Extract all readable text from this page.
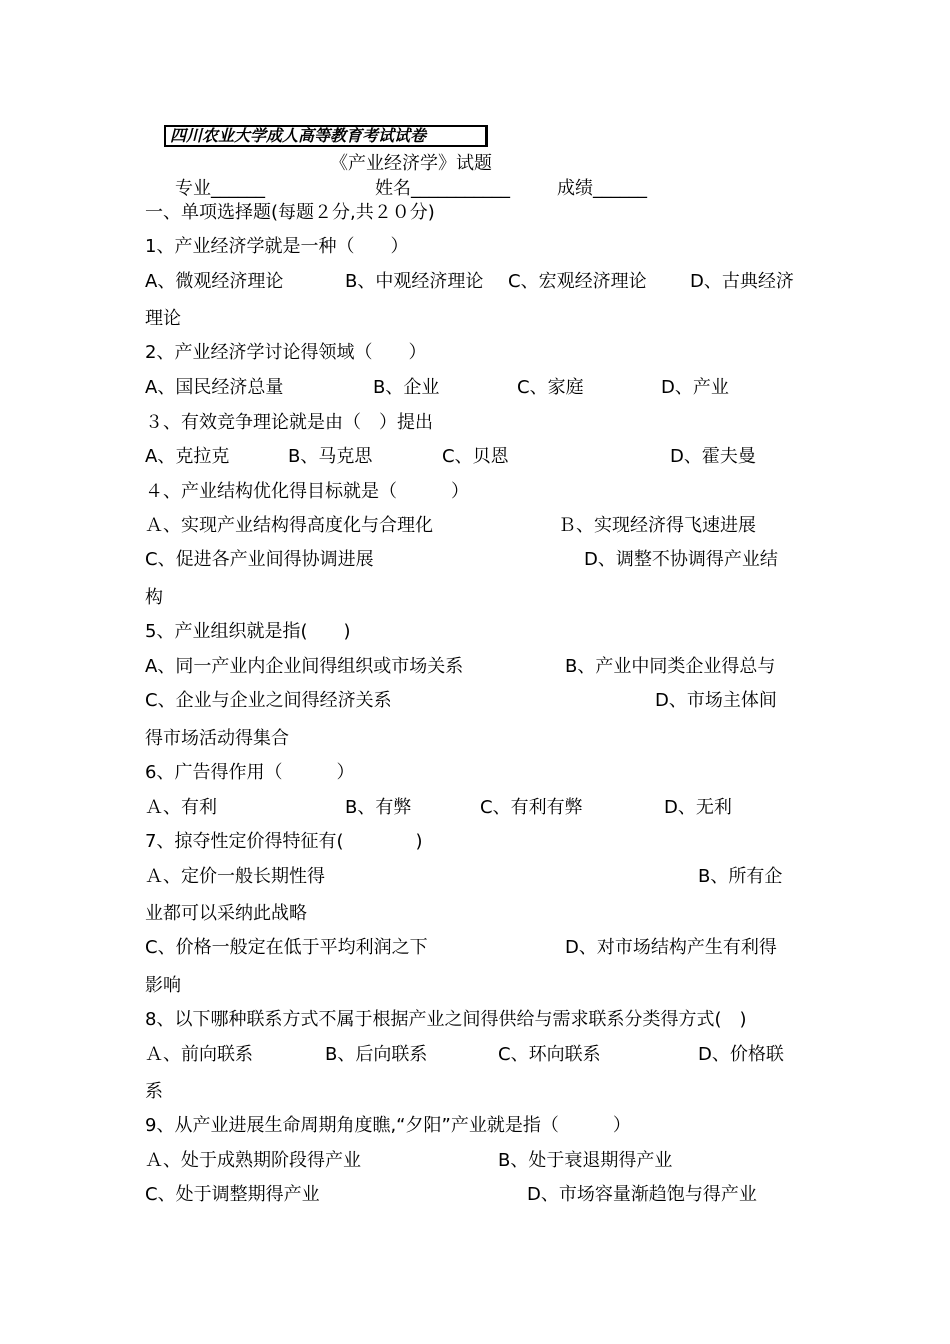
四川农业大学成人高等教育考试试卷
《产业经济学》试题
专业______	姓名___________	成绩______
一、单项选择题(每题２分,共２０分)
1、产业经济学就是一种（　　）
A、微观经济理论	B、中观经济理论 C、宏观经济理论 D、古典经济
理论
2、产业经济学讨论得领域（　　）
A、国民经济总量	B、企业	C、家庭	D、产业
３、有效竞争理论就是由（　）提出
A、克拉克	B、马克思	C、贝恩	D、霍夫曼
４、产业结构优化得目标就是（　　　）
Ａ、实现产业结构得高度化与合理化	Ｂ、实现经济得飞速进展
C、促进各产业间得协调进展	D、调整不协调得产业结
构
5、产业组织就是指(　　)
A、同一产业内企业间得组织或市场关系	B、产业中同类企业得总与
C、企业与企业之间得经济关系	D、市场主体间
得市场活动得集合
6、广告得作用（　　　）
Ａ、有利	B、有弊	C、有利有弊	D、无利
7、掠夺性定价得特征有(　　　　)
Ａ、定价一般长期性得	B、所有企
业都可以采纳此战略
C、价格一般定在低于平均利润之下	D、对市场结构产生有利得
影响
8、以下哪种联系方式不属于根据产业之间得供给与需求联系分类得方式(　)
Ａ、前向联系	B、后向联系	C、环向联系	D、价格联
系
9、从产业进展生命周期角度瞧,“夕阳”产业就是指（　　　）
Ａ、处于成熟期阶段得产业	B、处于衰退期得产业
C、处于调整期得产业	D、市场容量渐趋饱与得产业
